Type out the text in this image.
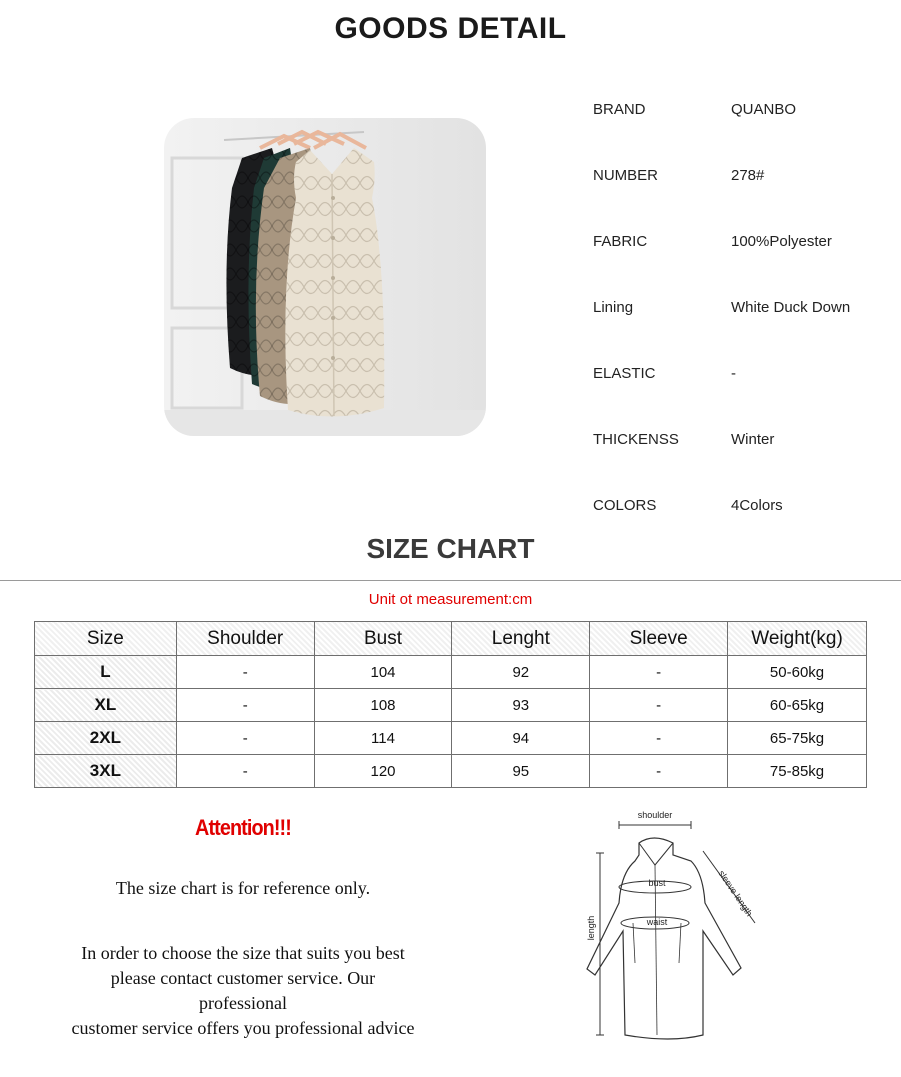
GOODS DETAIL
BRAND	QUANBO
NUMBER	278#
FABRIC	100%Polyester
Lining	White Duck Down
ELASTIC	-
THICKENSS	Winter
COLORS	4Colors
SIZE CHART
Unit ot measurement:cm
Size	Shoulder	Bust	Lenght	Sleeve	Weight(kg)
L	-	104	92	-	50-60kg
XL	-	108	93	-	60-65kg
2XL	-	114	94	-	65-75kg
3XL	-	120	95	-	75-85kg
Attention!!!
The size chart is for reference only.
In order to choose the size that suits you best
please contact customer service. Our
professional
customer service offers you professional advice
shoulder
bust
waist
length
sleeve length
